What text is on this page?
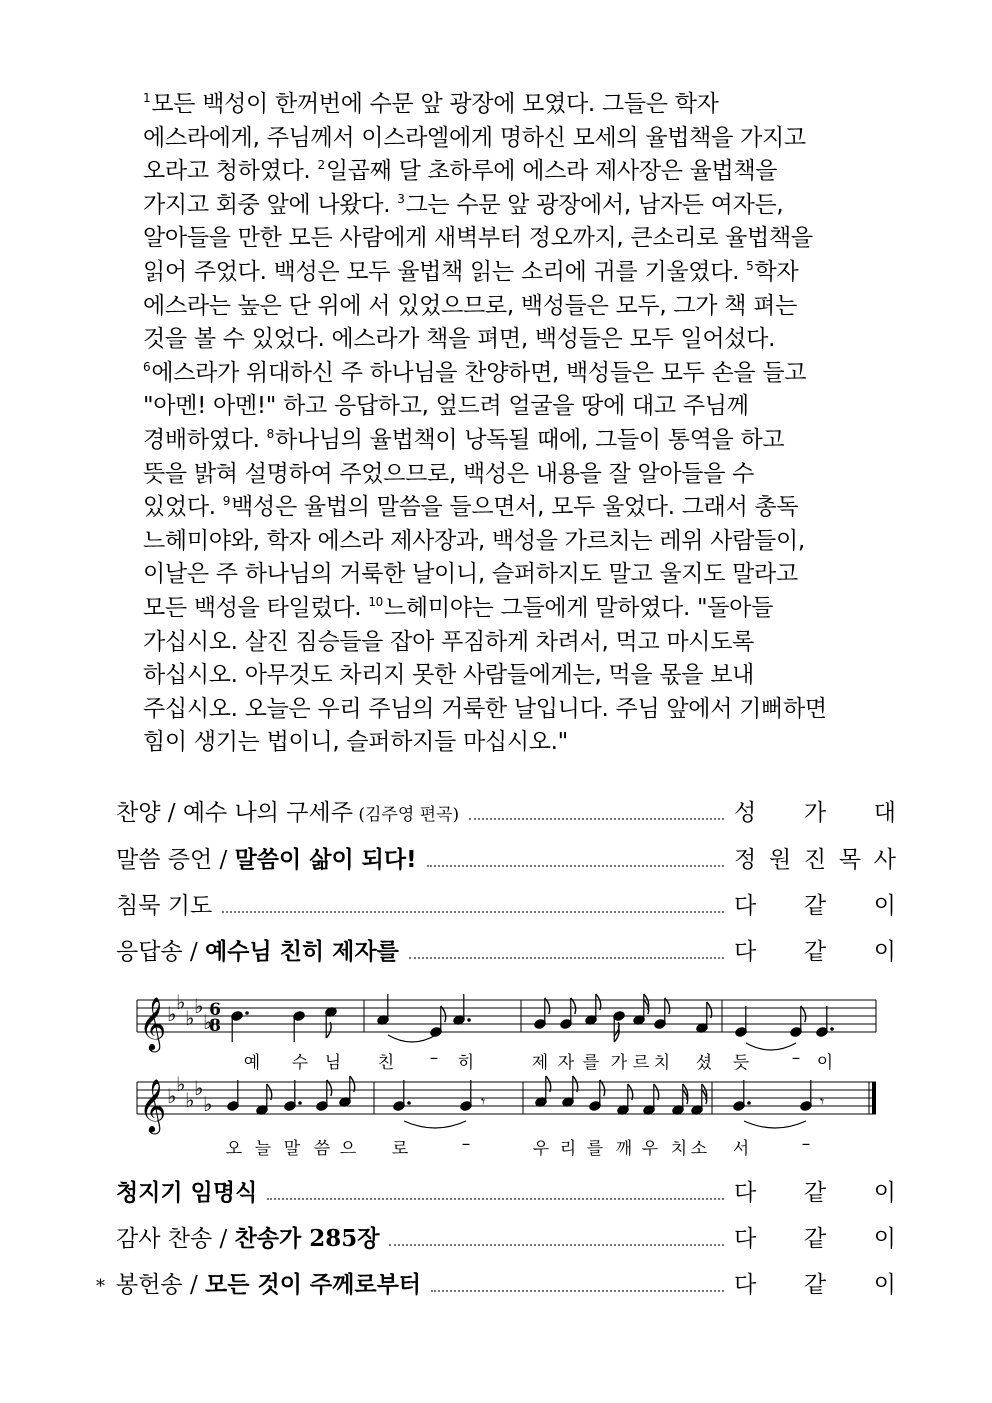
$^1$모든 백성이 한꺼번에 수문 앞 광장에 모였다. 그들은 학자
에스라에게, 주님께서 이스라엘에게 명하신 모세의 율법책을 가지고
오라고 청하였다. $^2$일곱째 달 초하루에 에스라 제사장은 율법책을
가지고 회중 앞에 나왔다. $^3$그는 수문 앞 광장에서, 남자든 여자든,
알아들을 만한 모든 사람에게 새벽부터 정오까지, 큰소리로 율법책을
읽어 주었다. 백성은 모두 율법책 읽는 소리에 귀를 기울였다. $^5$학자
에스라는 높은 단 위에 서 있었으므로, 백성들은 모두, 그가 책 펴는
것을 볼 수 있었다. 에스라가 책을 펴면, 백성들은 모두 일어섰다.
$^6$에스라가 위대하신 주 하나님을 찬양하면, 백성들은 모두 손을 들고
"아멘! 아멘!" 하고 응답하고, 엎드려 얼굴을 땅에 대고 주님께
경배하였다. $^8$하나님의 율법책이 낭독될 때에, 그들이 통역을 하고
뜻을 밝혀 설명하여 주었으므로, 백성은 내용을 잘 알아들을 수
있었다. $^9$백성은 율법의 말씀을 들으면서, 모두 울었다. 그래서 총독
느헤미야와, 학자 에스라 제사장과, 백성을 가르치는 레위 사람들이,
이날은 주 하나님의 거룩한 날이니, 슬퍼하지도 말고 울지도 말라고
모든 백성을 타일렀다. $^{10}$느헤미야는 그들에게 말하였다. "돌아들
가십시오. 살진 짐승들을 잡아 푸짐하게 차려서, 먹고 마시도록
하십시오. 아무것도 차리지 못한 사람들에게는, 먹을 몫을 보내
주십시오. 오늘은 우리 주님의 거룩한 날입니다. 주님 앞에서 기뻐하면
힘이 생기는 법이니, 슬퍼하지들 마십시오."
찬양 / 예수 나의 구세주 (김주영 편곡)	성 가 대
말씀 증언 / 말씀이 삶이 되다!	정 원 진 목 사
침묵 기도	다 같 이
응답송 / 예수님 친히 제자를	다 같 이
청지기 임명식	다 같 이
감사 찬송 / 찬송가 285장	다 같 이
* 봉헌송 / 모든 것이 주께로부터	다 같 이
𝄞 ♭ ♭
♭ ♭
♭
6
8
𝄞 ♭ ♭
♭ ♭
♭	𝄾	𝄾
예 수 님 친 – 히	제 자 를 가 르 치 셨 듯	– 이
오 늘 말 씀 으 로	–	우 리 를 깨 우 치 소 서	–
